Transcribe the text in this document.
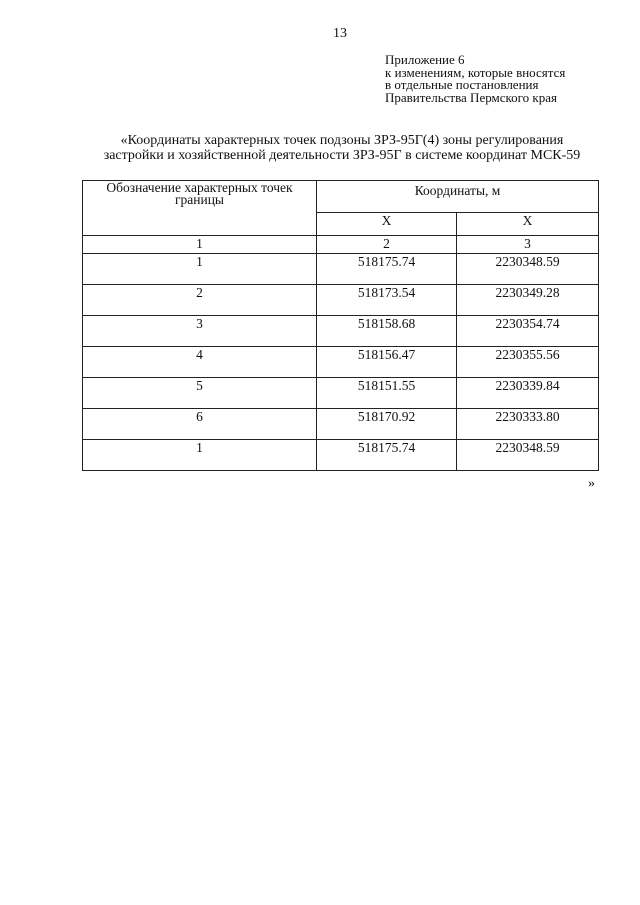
13
Приложение 6
к изменениям, которые вносятся
в отдельные постановления
Правительства Пермского края
«Координаты характерных точек подзоны ЗРЗ-95Г(4) зоны регулирования
застройки и хозяйственной деятельности ЗРЗ-95Г в системе координат МСК-59
Обозначение характерных точек границы	Координаты, м	
	X	Х
1	2	3
1	518175.74	2230348.59
2	518173.54	2230349.28
3	518158.68	2230354.74
4	518156.47	2230355.56
5	518151.55	2230339.84
6	518170.92	2230333.80
1	518175.74	2230348.59
»
